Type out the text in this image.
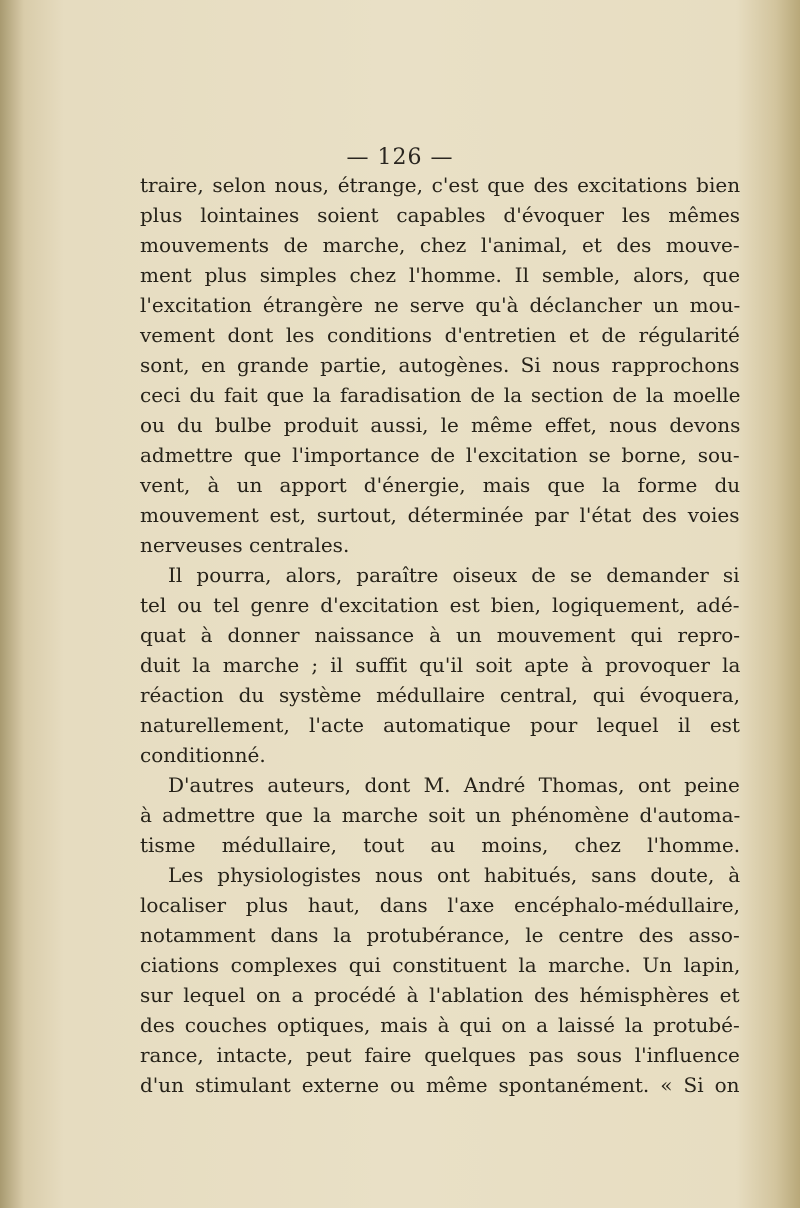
— 126 —
traire, selon nous, étrange, c'est que des excitations bien
plus lointaines soient capables d'évoquer les mêmes
mouvements de marche, chez l'animal, et des mouve-
ment plus simples chez l'homme. Il semble, alors, que
l'excitation étrangère ne serve qu'à déclancher un mou-
vement dont les conditions d'entretien et de régularité
sont, en grande partie, autogènes. Si nous rapprochons
ceci du fait que la faradisation de la section de la moelle
ou du bulbe produit aussi, le même effet, nous devons
admettre que l'importance de l'excitation se borne, sou-
vent, à un apport d'énergie, mais que la forme du
mouvement est, surtout, déterminée par l'état des voies
nerveuses centrales.
Il pourra, alors, paraître oiseux de se demander si
tel ou tel genre d'excitation est bien, logiquement, adé-
quat à donner naissance à un mouvement qui repro-
duit la marche ; il suffit qu'il soit apte à provoquer la
réaction du système médullaire central, qui évoquera,
naturellement, l'acte automatique pour lequel il est
conditionné.
D'autres auteurs, dont M. André Thomas, ont peine
à admettre que la marche soit un phénomène d'automa-
tisme médullaire, tout au moins, chez l'homme.
Les physiologistes nous ont habitués, sans doute, à
localiser plus haut, dans l'axe encéphalo-médullaire,
notamment dans la protubérance, le centre des asso-
ciations complexes qui constituent la marche. Un lapin,
sur lequel on a procédé à l'ablation des hémisphères et
des couches optiques, mais à qui on a laissé la protubé-
rance, intacte, peut faire quelques pas sous l'influence
d'un stimulant externe ou même spontanément. « Si on
